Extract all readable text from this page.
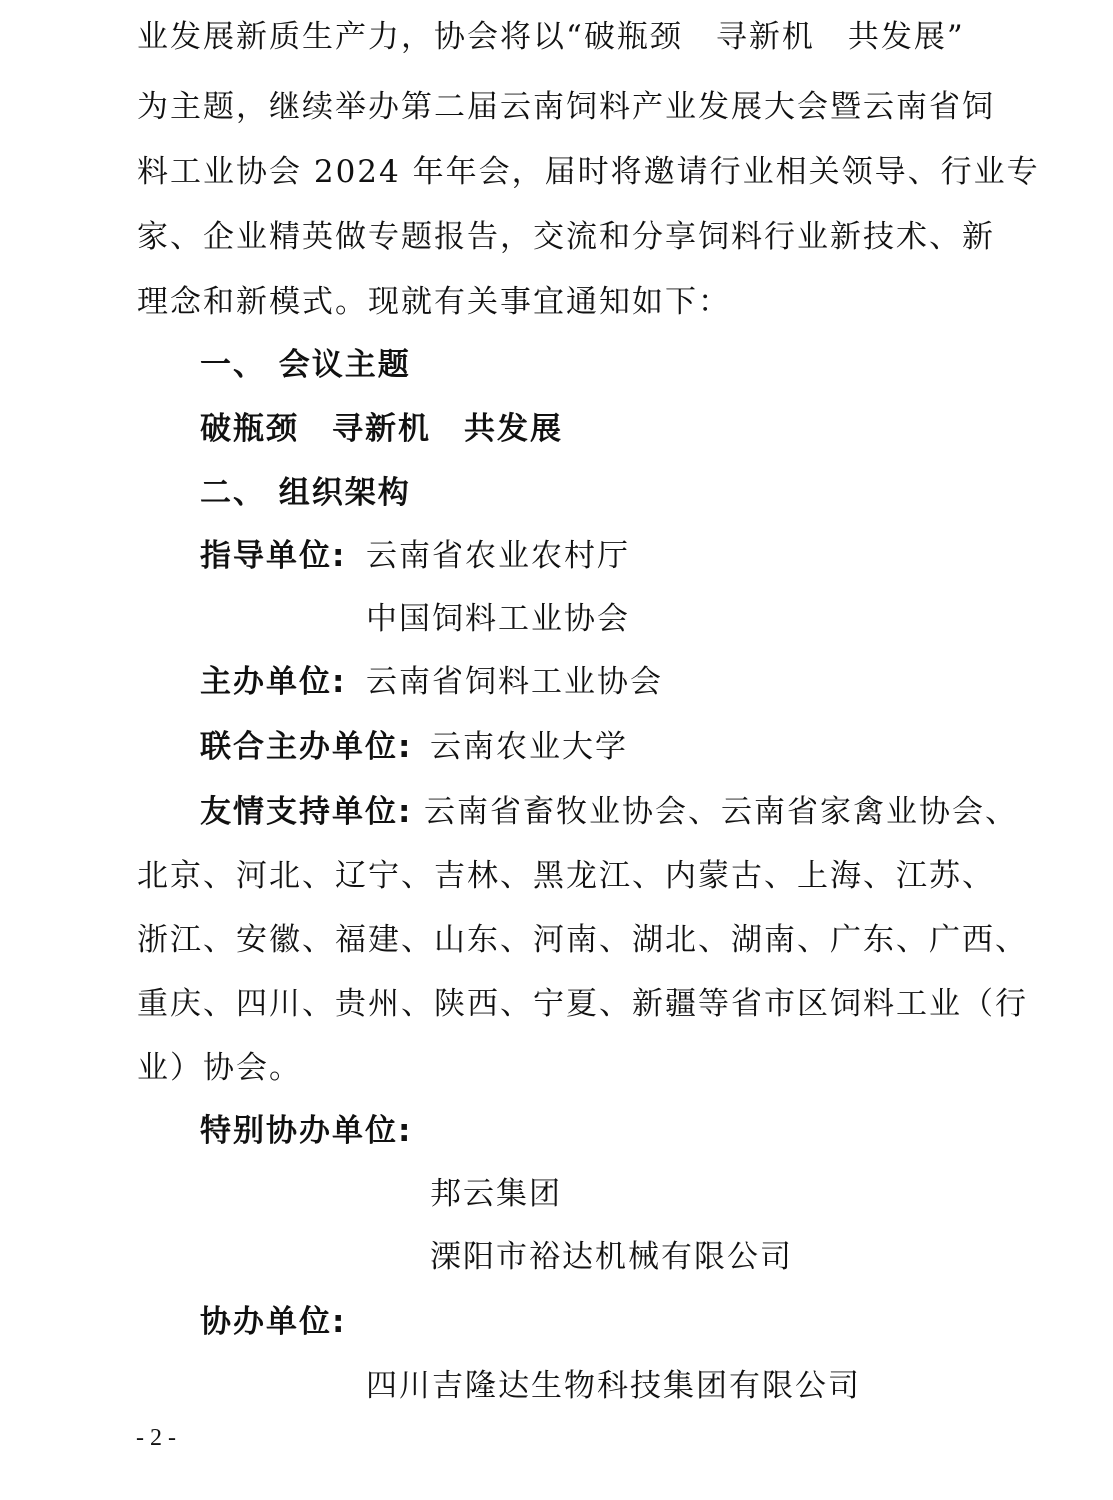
业发展新质生产力，协会将以“破瓶颈　寻新机　共发展”
为主题，继续举办第二届云南饲料产业发展大会暨云南省饲
料工业协会 2024 年年会，届时将邀请行业相关领导、行业专
家、企业精英做专题报告，交流和分享饲料行业新技术、新
理念和新模式。现就有关事宜通知如下：
一、 会议主题
破瓶颈　寻新机　共发展
二、 组织架构
指导单位: 云南省农业农村厅
中国饲料工业协会
主办单位: 云南省饲料工业协会
联合主办单位: 云南农业大学
友情支持单位: 云南省畜牧业协会、云南省家禽业协会、
北京、河北、辽宁、吉林、黑龙江、内蒙古、上海、江苏、
浙江、安徽、福建、山东、河南、湖北、湖南、广东、广西、
重庆、四川、贵州、陕西、宁夏、新疆等省市区饲料工业（行
业）协会。
特别协办单位:
邦云集团
溧阳市裕达机械有限公司
协办单位:
四川吉隆达生物科技集团有限公司
- 2 -
